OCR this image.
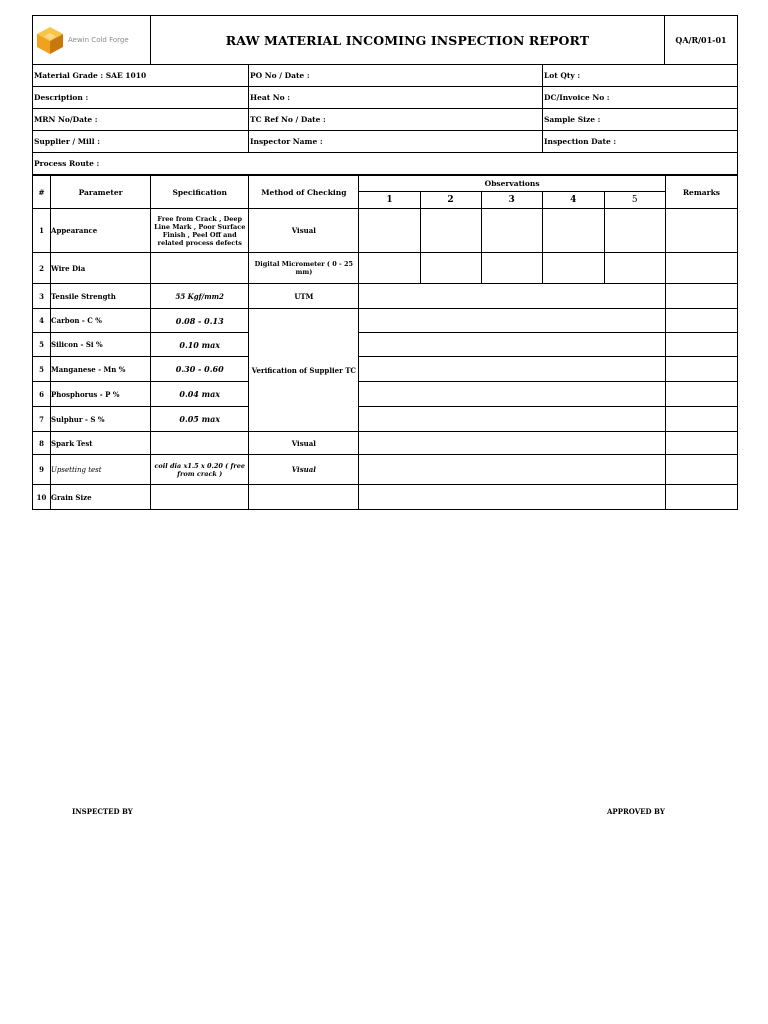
Aewin Cold Forge	RAW MATERIAL INCOMING INSPECTION REPORT	QA/R/01-01
Material Grade : SAE 1010	PO No / Date :	Lot Qty :
Description :	Heat No :	DC/Invoice No :
MRN No/Date :	TC Ref No / Date :	Sample Size :
Supplier / Mill :	Inspector Name :	Inspection Date :
Process Route :
#	Parameter	Specification	Method of Checking	Observations					Remarks
				1	2	3	4	5	
1	Appearance	Free from Crack , Deep Line Mark , Poor Surface Finish , Peel Off and related process defects	Visual						
2	Wire Dia		Digital Micrometer ( 0 - 25 mm)						
3	Tensile Strength	55 Kgf/mm2	UTM						
4	Carbon - C %	0.08 - 0.13	Verification of Supplier TC						
5	Silicon - Si %	0.10 max							
5	Manganese - Mn %	0.30 - 0.60							
6	Phosphorus - P %	0.04 max							
7	Sulphur - S %	0.05 max							
8	Spark Test		Visual						
9	Upsetting test	coil dia x1.5 x 0.20 ( free from crack )	Visual						
10	Grain Size								
INSPECTED BY	APPROVED BY
